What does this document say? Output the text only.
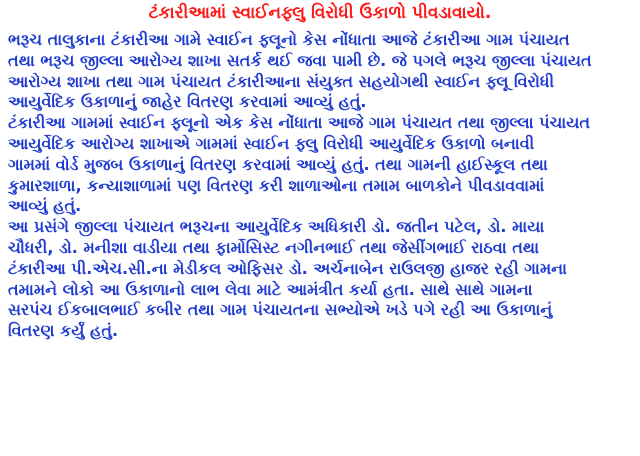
ટંકારીઆમાં સ્વાઈનફ્લુ વિરોધી ઉકાળો પીવડાવાયો.
ભરૂચ તાલુકાના ટંકારીઆ ગામે સ્વાઈન ફ્લૂનો કેસ નોંધાતા આજે ટંકારીઆ ગામ પંચાયત
તથા ભરૂચ જીલ્લા આરોગ્ય શાખા સતર્ક થઈ જવા પામી છે. જે પગલે ભરૂચ જીલ્લા પંચાયત
આરોગ્ય શાખા તથા ગામ પંચાયત ટંકારીઆના સંયુક્ત સહયોગથી સ્વાઈન ફ્લૂ વિરોધી
આયુર્વેદિક ઉકાળાનું જાહેર વિતરણ કરવામાં આવ્યું હતું.
ટંકારીઆ ગામમાં સ્વાઈન ફ્લૂનો એક કેસ નોંધાતા આજે ગામ પંચાયત તથા જીલ્લા પંચાયત
આયુર્વેદિક આરોગ્ય શાખાએ ગામમાં સ્વાઈન ફ્લુ વિરોધી આયુર્વેદિક ઉકાળો બનાવી
ગામમાં વોર્ડ મુજબ ઉકાળાનું વિતરણ કરવામાં આવ્યું હતું. તથા ગામની હાઈસ્કૂલ તથા
કુમારશાળા, કન્યાશાળામાં પણ વિતરણ કરી શાળાઓના તમામ બાળકોને પીવડાવવામાં
આવ્યું હતું.
આ પ્રસંગે જીલ્લા પંચાયત ભરૂચના આયુર્વેદિક અધિકારી ડો. જતીન પટેલ, ડો. માયા
ચૌધરી, ડો. મનીશા વાડીયા તથા ફાર્મોસિસ્ટ નગીનભાઈ તથા જેસીંગભાઈ રાઠવા તથા
ટંકારીઆ પી.એચ.સી.ના મેડીકલ ઓફિસર ડો. અર્ચનાબેન રાઉલજી હાજર રહી ગામના
તમામને લોકો આ ઉકાળાનો લાભ લેવા માટે આમંત્રીત કર્યા હતા. સાથે સાથે ગામના
સરપંચ ઈકબાલભાઈ કબીર તથા ગામ પંચાયતના સભ્યોએ ખડે પગે રહી આ ઉકાળાનું
વિતરણ કર્યું હતું.
